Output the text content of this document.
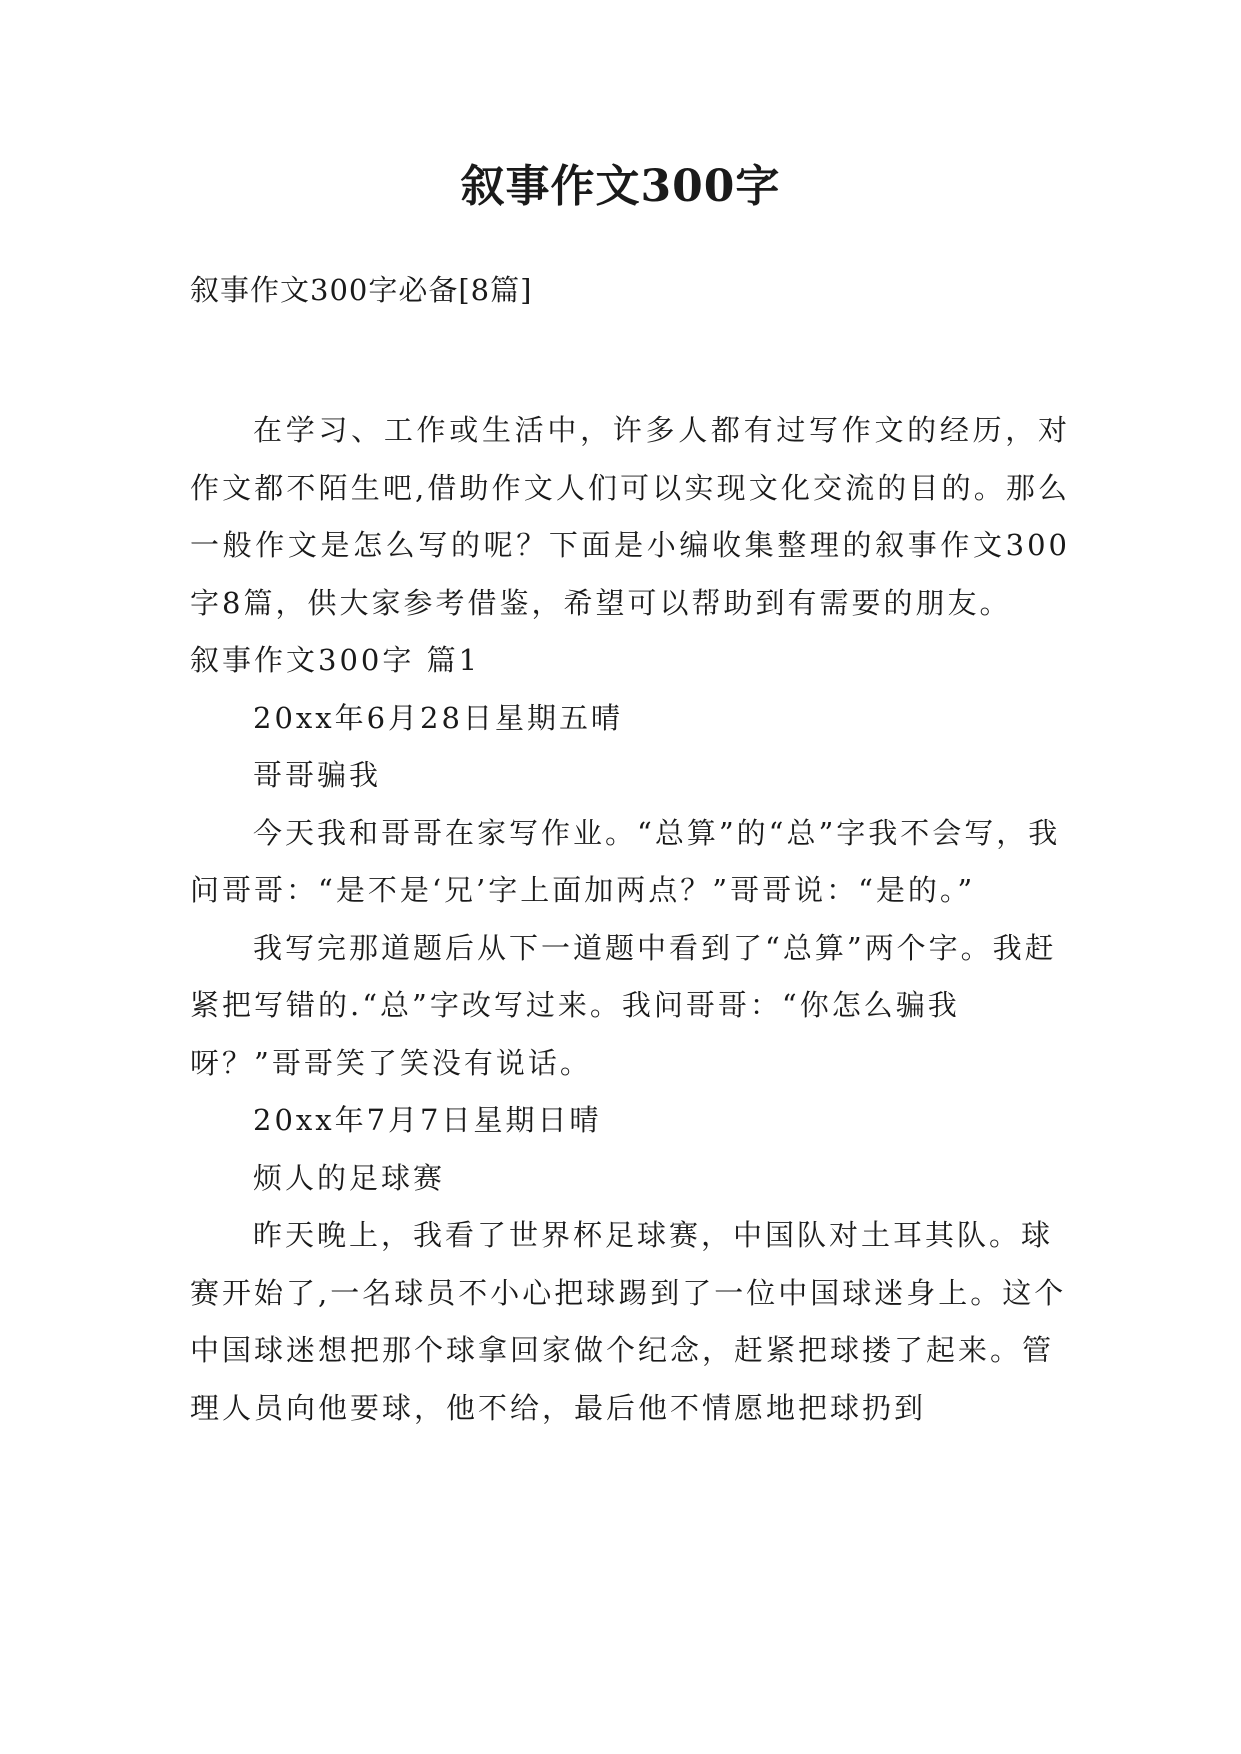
叙事作文300字

叙事作文300字必备[8篇]

在学习、工作或生活中，许多人都有过写作文的经历，对作文都不陌生吧,借助作文人们可以实现文化交流的目的。那么一般作文是怎么写的呢？下面是小编收集整理的叙事作文300字8篇，供大家参考借鉴，希望可以帮助到有需要的朋友。

叙事作文300字 篇1

20xx年6月28日星期五晴

哥哥骗我

今天我和哥哥在家写作业。“总算”的“总”字我不会写，我问哥哥：“是不是‘兄’字上面加两点？”哥哥说：“是的。”

我写完那道题后从下一道题中看到了“总算”两个字。我赶紧把写错的.“总”字改写过来。我问哥哥：“你怎么骗我呀？”哥哥笑了笑没有说话。

20xx年7月7日星期日晴

烦人的足球赛

昨天晚上，我看了世界杯足球赛，中国队对土耳其队。球赛开始了,一名球员不小心把球踢到了一位中国球迷身上。这个中国球迷想把那个球拿回家做个纪念，赶紧把球搂了起来。管理人员向他要球，他不给，最后他不情愿地把球扔到
